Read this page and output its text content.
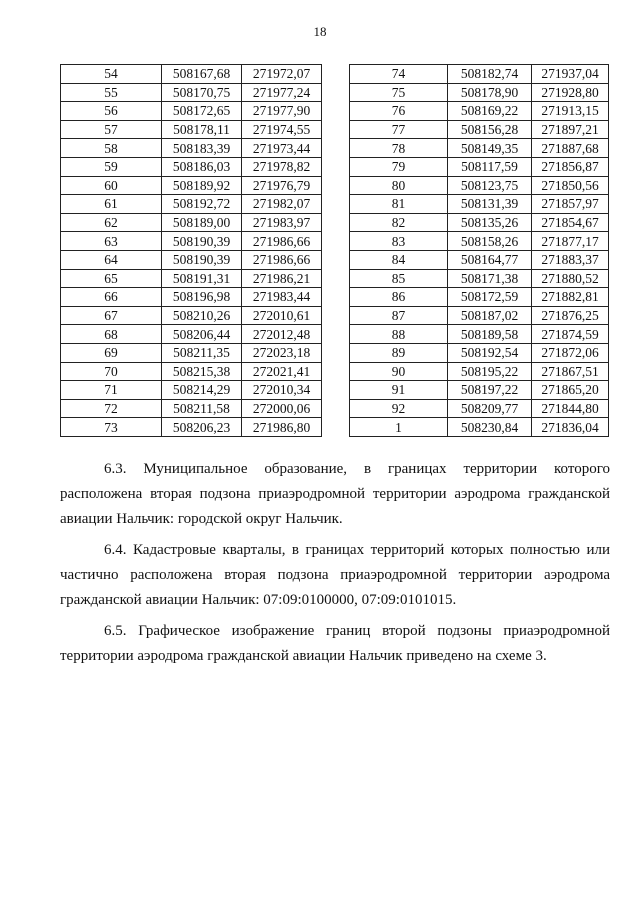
18
54	508167,68	271972,07
55	508170,75	271977,24
56	508172,65	271977,90
57	508178,11	271974,55
58	508183,39	271973,44
59	508186,03	271978,82
60	508189,92	271976,79
61	508192,72	271982,07
62	508189,00	271983,97
63	508190,39	271986,66
64	508190,39	271986,66
65	508191,31	271986,21
66	508196,98	271983,44
67	508210,26	272010,61
68	508206,44	272012,48
69	508211,35	272023,18
70	508215,38	272021,41
71	508214,29	272010,34
72	508211,58	272000,06
73	508206,23	271986,80
74	508182,74	271937,04
75	508178,90	271928,80
76	508169,22	271913,15
77	508156,28	271897,21
78	508149,35	271887,68
79	508117,59	271856,87
80	508123,75	271850,56
81	508131,39	271857,97
82	508135,26	271854,67
83	508158,26	271877,17
84	508164,77	271883,37
85	508171,38	271880,52
86	508172,59	271882,81
87	508187,02	271876,25
88	508189,58	271874,59
89	508192,54	271872,06
90	508195,22	271867,51
91	508197,22	271865,20
92	508209,77	271844,80
1	508230,84	271836,04

6.3. Муниципальное образование, в границах территории которого расположена вторая подзона приаэродромной территории аэродрома гражданской авиации Нальчик: городской округ Нальчик.

6.4. Кадастровые кварталы, в границах территорий которых полностью или частично расположена вторая подзона приаэродромной территории аэродрома гражданской авиации Нальчик: 07:09:0100000, 07:09:0101015.

6.5. Графическое изображение границ второй подзоны приаэродромной территории аэродрома гражданской авиации Нальчик приведено на схеме 3.
